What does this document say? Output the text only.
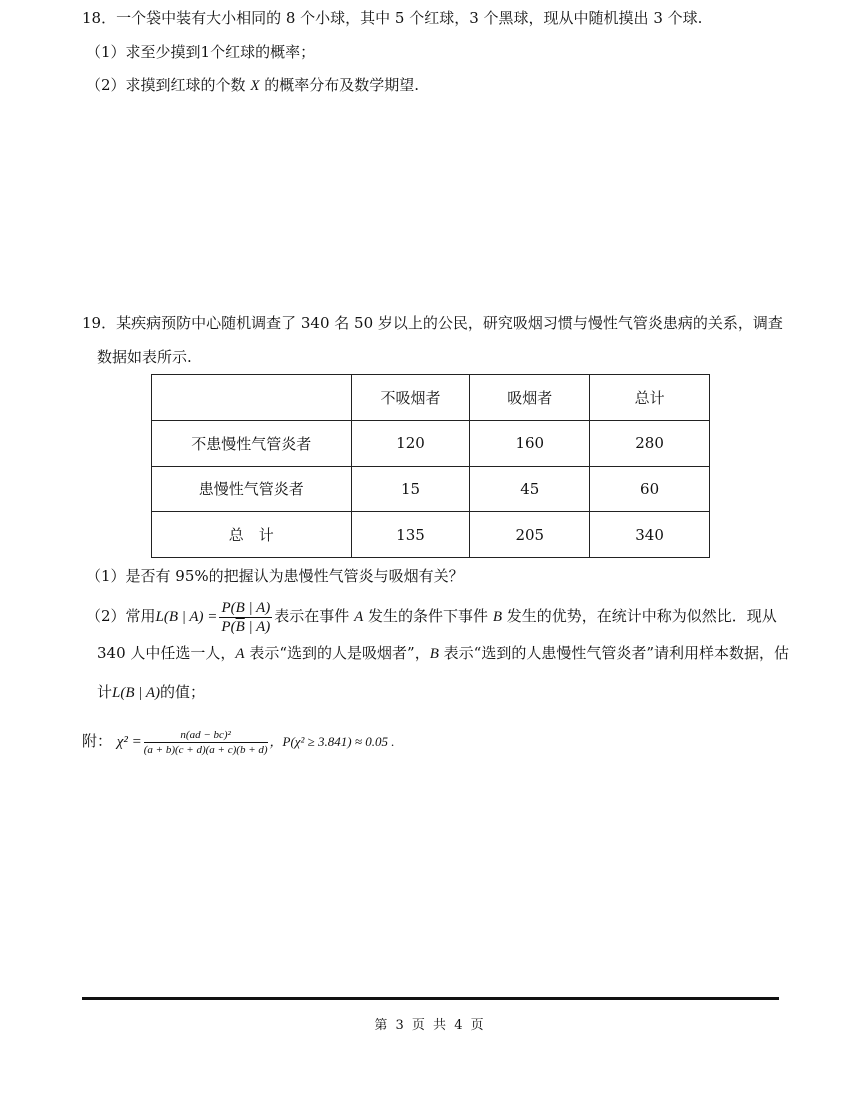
18．一个袋中装有大小相同的 8 个小球，其中 5 个红球，3 个黑球，现从中随机摸出 3 个球.
（1）求至少摸到1个红球的概率；
（2）求摸到红球的个数 X 的概率分布及数学期望.
19．某疾病预防中心随机调查了 340 名 50 岁以上的公民，研究吸烟习惯与慢性气管炎患病的关系，调查
数据如表所示.
	不吸烟者	吸烟者	总计
不患慢性气管炎者	120	160	280
患慢性气管炎者	15	45	60
总　计	135	205	340
（1）是否有 95%的把握认为患慢性气管炎与吸烟有关？
（2）常用L(B | $A) = \frac{P(B | A)}{P(\overline{B} | A)}$ 表示在事件 A 发生的条件下事件 B 发生的优势，在统计中称为似然比．现从
340 人中任选一人，A 表示“选到的人是吸烟者”，B 表示“选到的人患慢性气管炎者”请利用样本数据，估
计L(B | A)的值；
附： $\chi^2 = \frac{\text{n(ad − bc)²}}{(a + b)(c + d)(a + c)(b + d)}$ ，P(χ² ≥ 3.841) ≈ 0.05 .
第 3 页 共 4 页
